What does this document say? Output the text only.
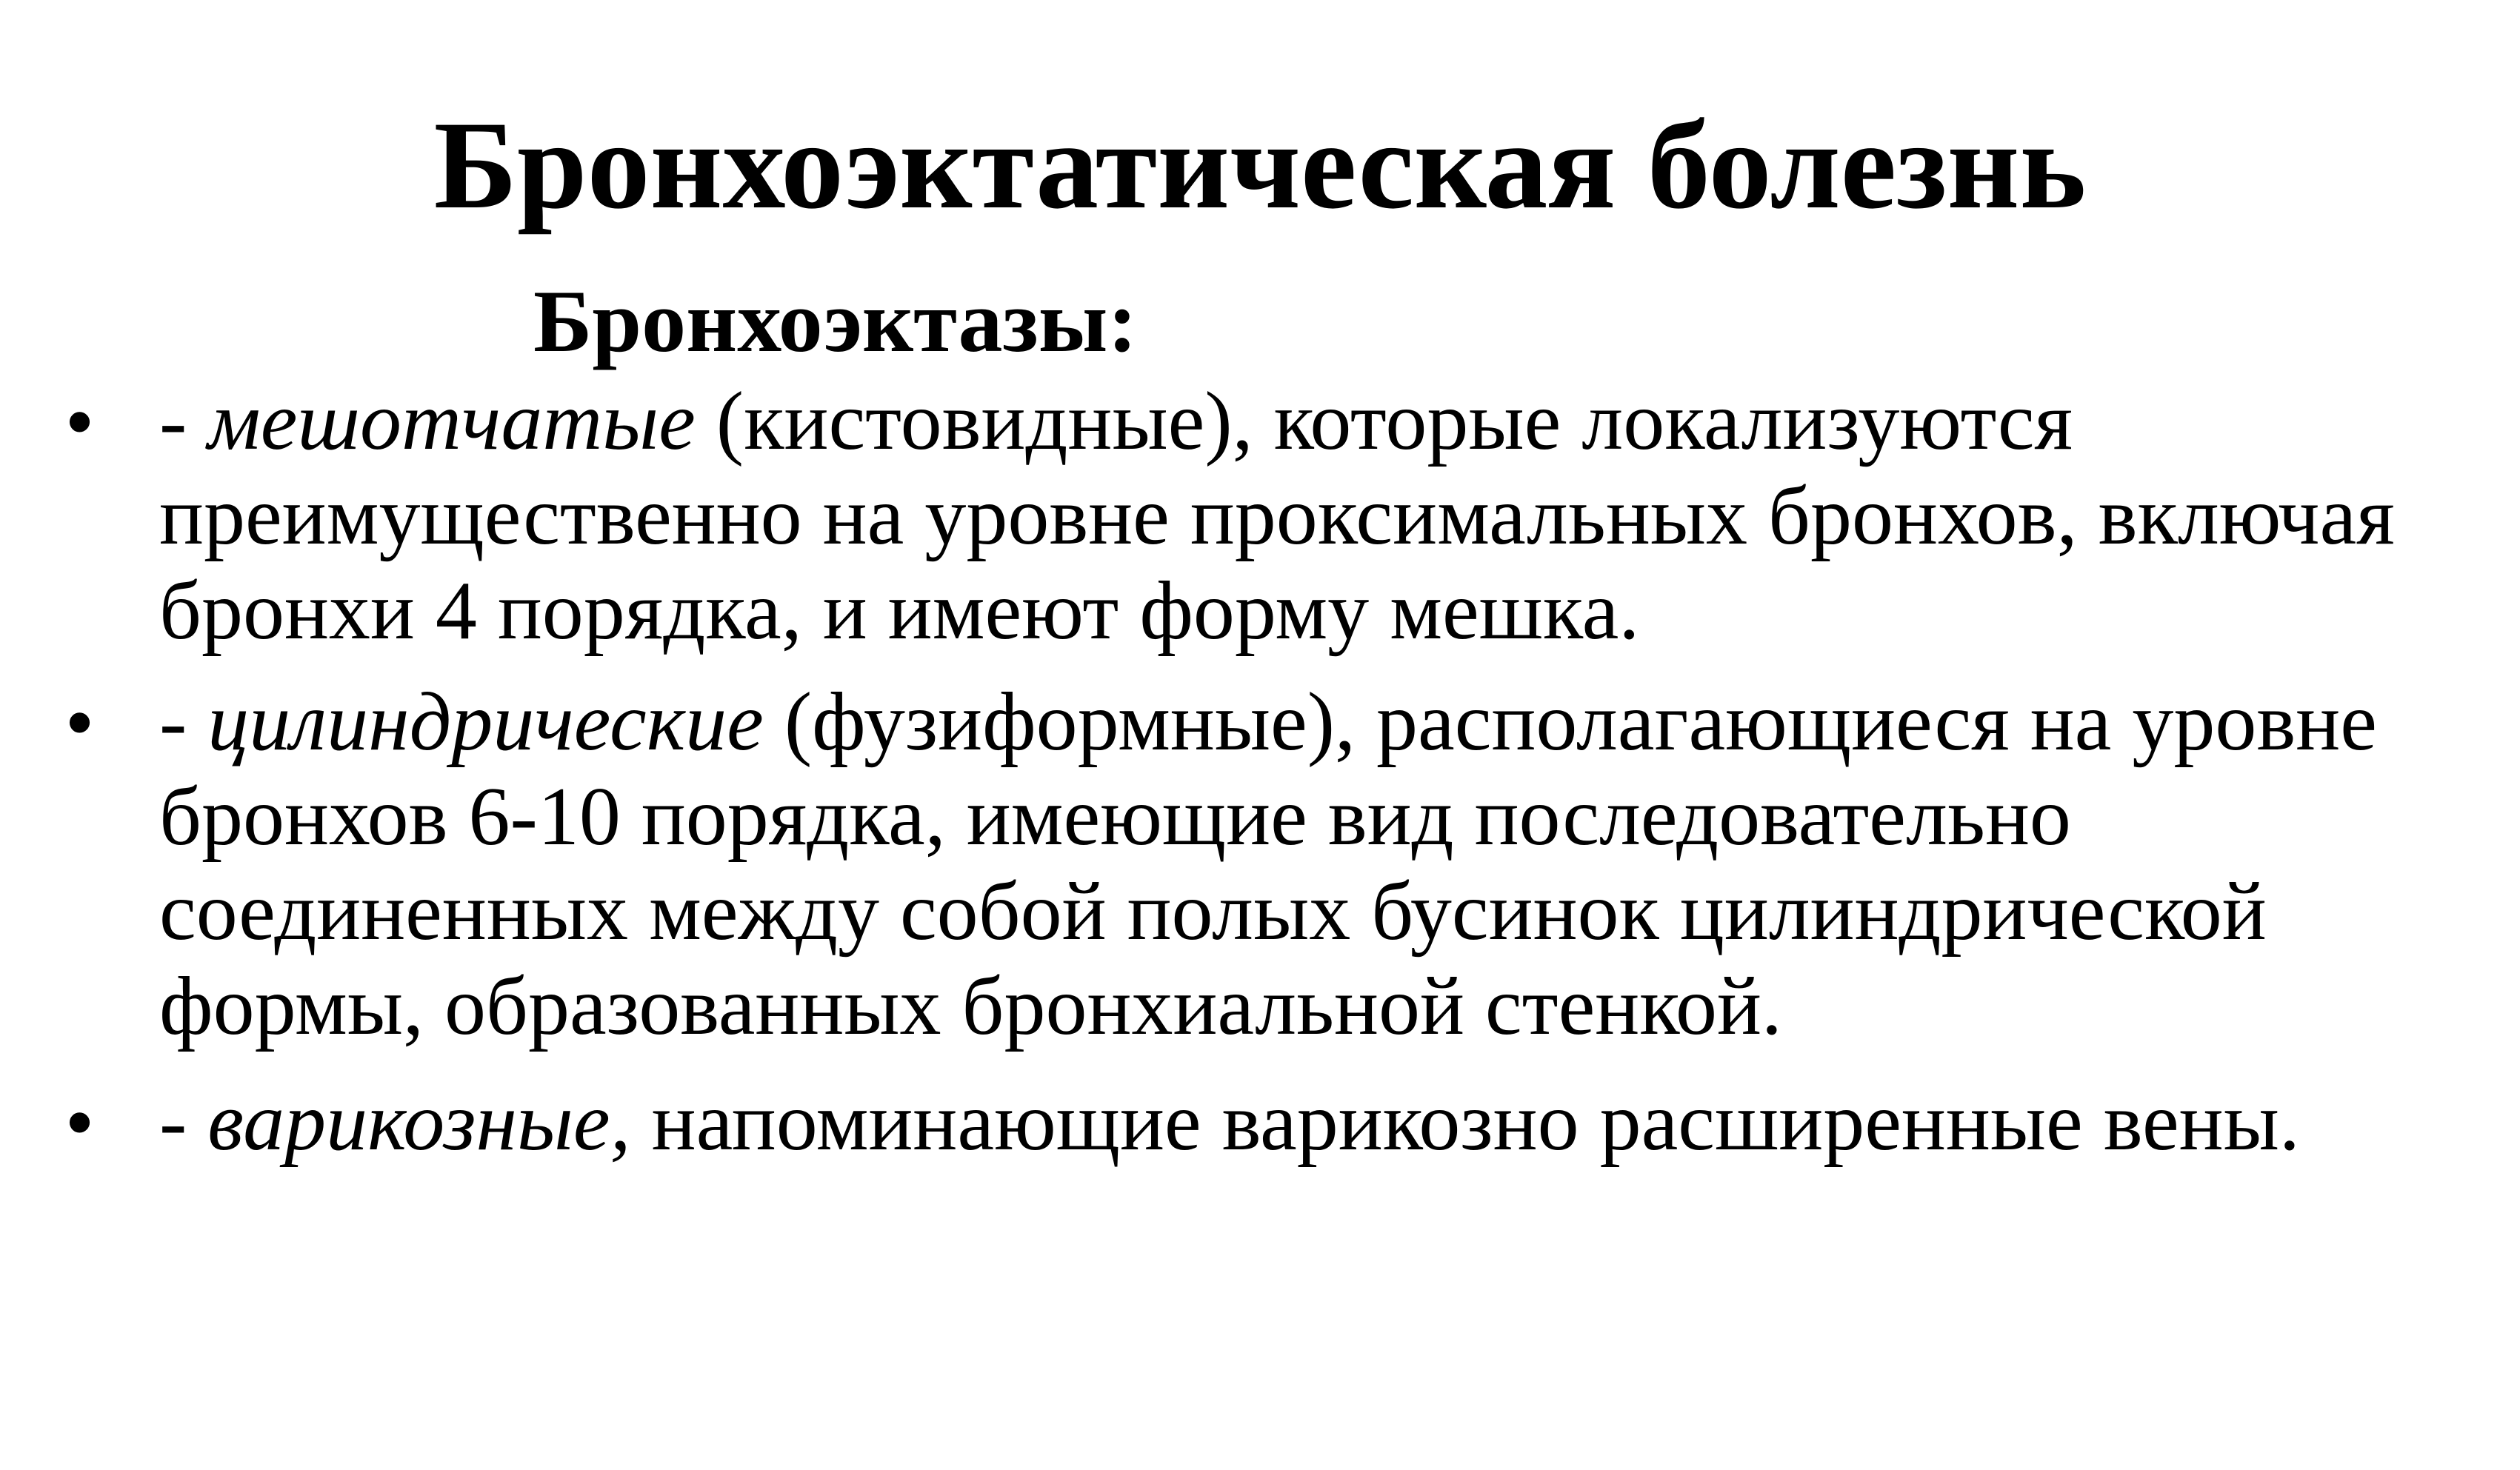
Бронхоэктатическая болезнь
Бронхоэктазы:
• - мешотчатые (кистовидные), которые локализуются преимущественно на уровне проксимальных бронхов, включая бронхи 4 порядка, и имеют форму мешка.
• - цилиндрические (фузиформные), располагающиеся на уровне бронхов 6-10 порядка, имеющие вид последовательно соединенных между собой полых бусинок цилиндрической формы, образованных бронхиальной стенкой.
• - варикозные, напоминающие варикозно расширенные вены.
